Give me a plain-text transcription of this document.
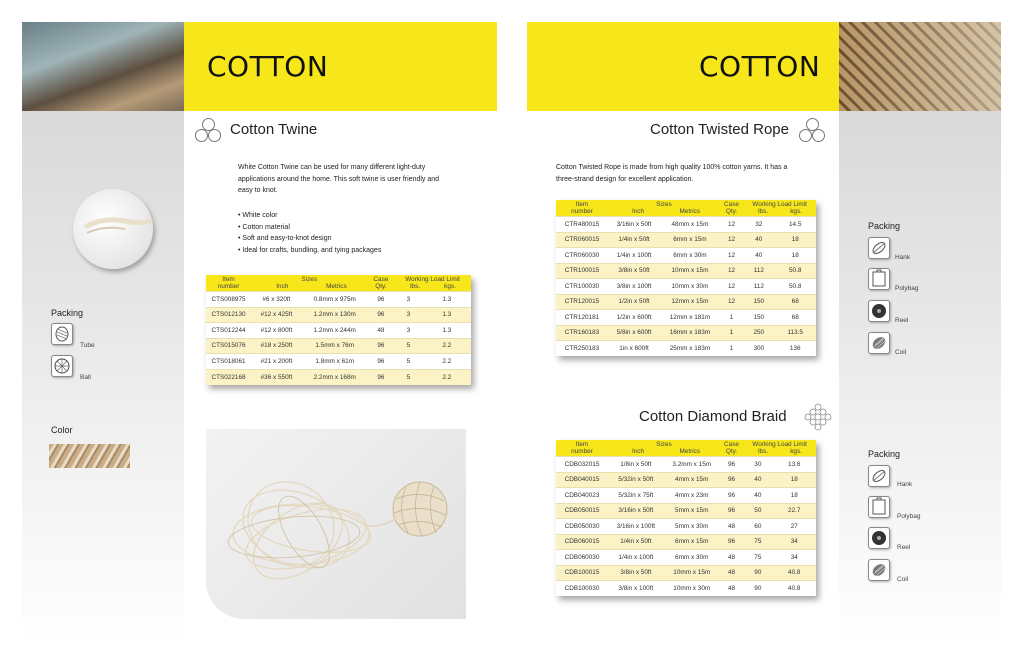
COTTON
Cotton Twine
White Cotton Twine can be used for many different light-duty applications around the home. This soft twine is user friendly and easy to knot.
• White color
• Cotton material
• Soft and easy-to-knot design
• Ideal for crafts, bundling, and tying packages
Packing
Tube
Ball
Color
Item
number	Sizes
Inch Metrics		Case
Qty.	Working Load Limit
lbs. kgs.	
CTS008975	#6 x 320ft	0.8mm x 975m	96	3	1.3
CTS012130	#12 x 425ft	1.2mm x 130m	96	3	1.3
CTS012244	#12 x 800ft	1.2mm x 244m	48	3	1.3
CTS015076	#18 x 250ft	1.5mm x 76m	96	5	2.2
CTS018061	#21 x 200ft	1.8mm x 61m	96	5	2.2
CTS022168	#36 x 550ft	2.2mm x 168m	96	5	2.2
COTTON
Cotton Twisted Rope
Cotton Twisted Rope is made from high quality 100% cotton yarns. It has a three-strand design for excellent application.
Item
number	Sizes
Inch Metrics		Case
Qty.	Working Load Limit
lbs. kgs.	
CTR480015	3/16in x 50ft	48mm x 15m	12	32	14.5
CTR060015	1/4in x 50ft	6mm x 15m	12	40	18
CTR060030	1/4in x 100ft	6mm x 30m	12	40	18
CTR100015	3/8in x 50ft	10mm x 15m	12	112	50.8
CTR100030	3/8in x 100ft	10mm x 30m	12	112	50.8
CTR120015	1/2in x 50ft	12mm x 15m	12	150	68
CTR120181	1/2in x 600ft	12mm x 181m	1	150	68
CTR160183	5/8in x 600ft	16mm x 183m	1	250	113.5
CTR250183	1in x 600ft	25mm x 183m	1	300	136
Packing
Hank
Polybag
Reel
Coil
Cotton Diamond Braid
Item
number	Sizes
Inch Metrics		Case
Qty.	Working Load Limit
lbs. kgs.	
CDB032015	1/8in x 50ft	3.2mm x 15m	96	30	13.6
CDB040015	5/32in x 50ft	4mm x 15m	96	40	18
CDB040023	5/32in x 75ft	4mm x 23m	96	40	18
CDB050015	3/16in x 50ft	5mm x 15m	96	50	22.7
CDB050030	3/16in x 100ft	5mm x 30m	48	60	27
CDB060015	1/4in x 50ft	6mm x 15m	96	75	34
CDB060030	1/4in x 100ft	6mm x 30m	48	75	34
CDB100015	3/8in x 50ft	10mm x 15m	48	90	40.8
CDB100030	3/8in x 100ft	10mm x 30m	48	90	40.8
Packing
Hank
Polybag
Reel
Coil
